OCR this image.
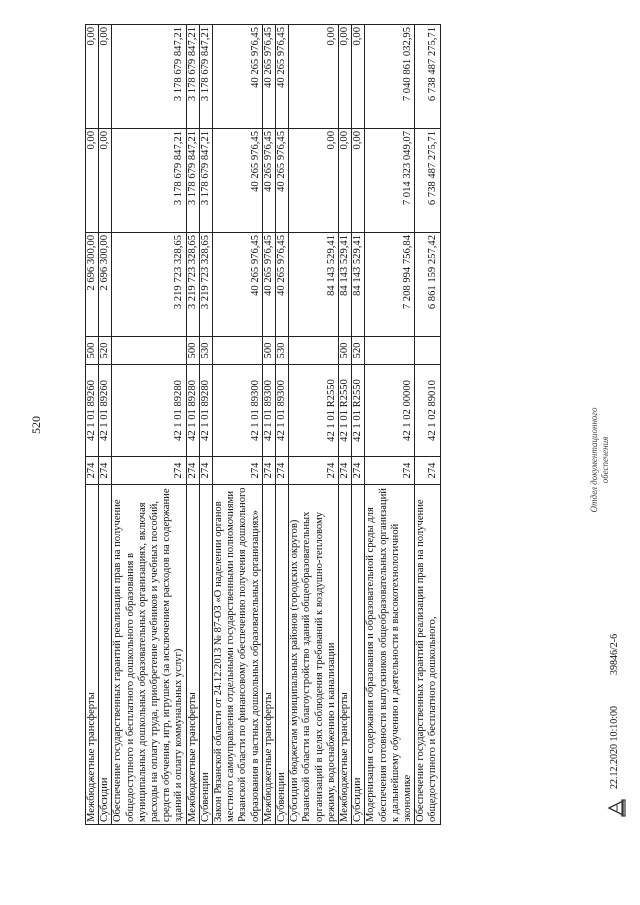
520
Межбюджетные трансферты	274	42 1 01 89260	500	2 696 300,00	0,00	0,00
Субсидии	274	42 1 01 89260	520	2 696 300,00	0,00	0,00
Обеспечение государственных гарантий реализации прав на получение общедоступного и бесплатного дошкольного образования в муниципальных дошкольных образовательных организациях, включая расходы на оплату труда, приобретение учебников и учебных пособий, средств обучения, игр, игрушек (за исключением расходов на содержание зданий и оплату коммунальных услуг)	274	42 1 01 89280		3 219 723 328,65	3 178 679 847,21	3 178 679 847,21
Межбюджетные трансферты	274	42 1 01 89280	500	3 219 723 328,65	3 178 679 847,21	3 178 679 847,21
Субвенции	274	42 1 01 89280	530	3 219 723 328,65	3 178 679 847,21	3 178 679 847,21
Закон Рязанской области от 24.12.2013 № 87-ОЗ «О наделении органов местного самоуправления отдельными государственными полномочиями Рязанской области по финансовому обеспечению получения дошкольного образования в частных дошкольных образовательных организациях»	274	42 1 01 89300		40 265 976,45	40 265 976,45	40 265 976,45
Межбюджетные трансферты	274	42 1 01 89300	500	40 265 976,45	40 265 976,45	40 265 976,45
Субвенции	274	42 1 01 89300	530	40 265 976,45	40 265 976,45	40 265 976,45
Субсидии бюджетам муниципальных районов (городских округов) Рязанской области на благоустройство зданий общеобразовательных организаций в целях соблюдения требований к воздушно-тепловому режиму, водоснабжению и канализации	274	42 1 01 R2550		84 143 529,41	0,00	0,00
Межбюджетные трансферты	274	42 1 01 R2550	500	84 143 529,41	0,00	0,00
Субсидии	274	42 1 01 R2550	520	84 143 529,41	0,00	0,00
Модернизация содержания образования и образовательной среды для обеспечения готовности выпускников общеобразовательных организаций к дальнейшему обучению и деятельности в высокотехнологичной экономике	274	42 1 02 00000		7 208 994 756,84	7 014 323 049,07	7 040 861 032,95
Обеспечение государственных гарантий реализации прав на получение общедоступного и бесплатного дошкольного,	274	42 1 02 89010		6 861 159 257,42	6 738 487 275,71	6 738 487 275,71
Отдел документационного обеспечения
22.12.2020 10:10:00
39846/2-6
